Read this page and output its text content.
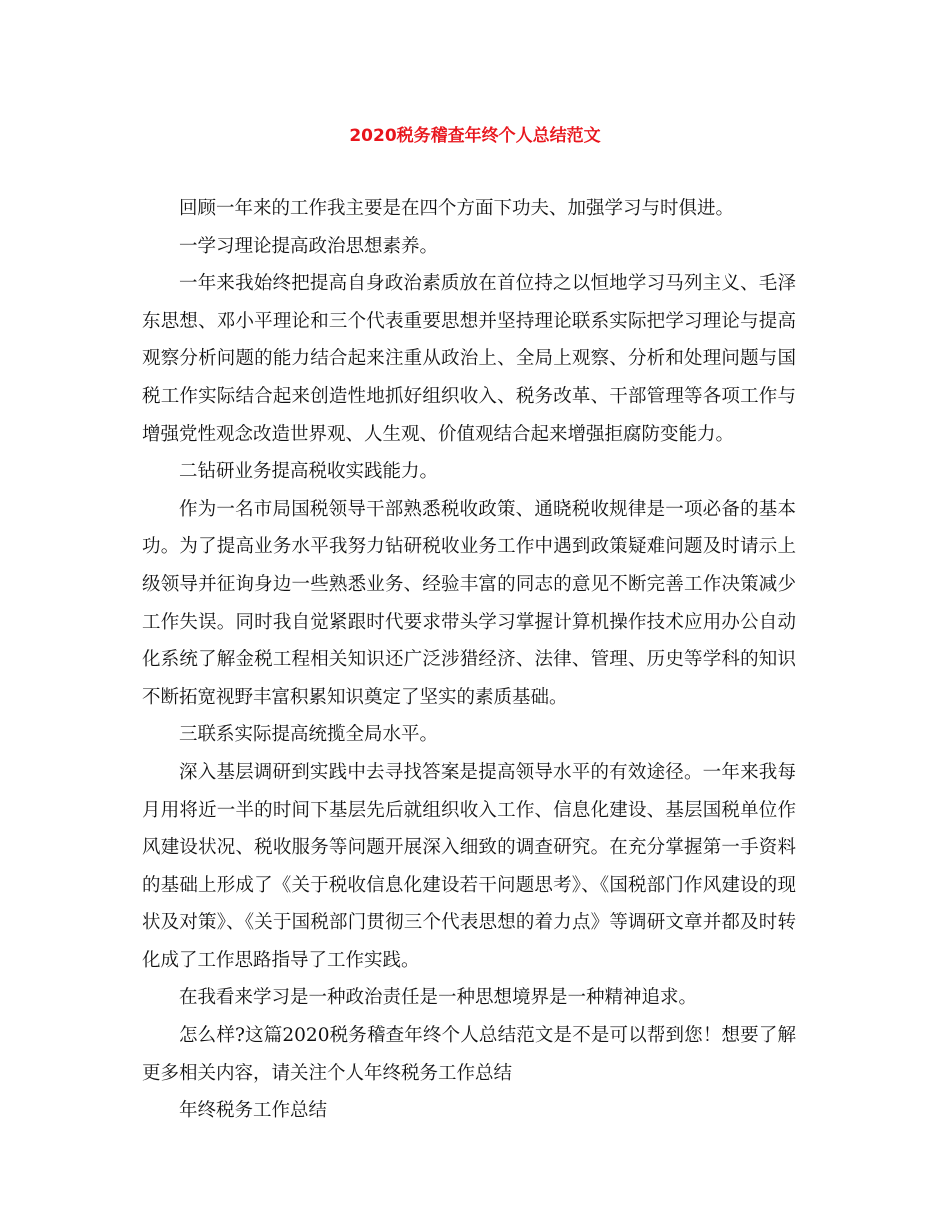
2020税务稽查年终个人总结范文

回顾一年来的工作我主要是在四个方面下功夫、加强学习与时俱进。

一学习理论提高政治思想素养。

一年来我始终把提高自身政治素质放在首位持之以恒地学习马列主义、毛泽东思想、邓小平理论和三个代表重要思想并坚持理论联系实际把学习理论与提高观察分析问题的能力结合起来注重从政治上、全局上观察、分析和处理问题与国税工作实际结合起来创造性地抓好组织收入、税务改革、干部管理等各项工作与增强党性观念改造世界观、人生观、价值观结合起来增强拒腐防变能力。

二钻研业务提高税收实践能力。

作为一名市局国税领导干部熟悉税收政策、通晓税收规律是一项必备的基本功。为了提高业务水平我努力钻研税收业务工作中遇到政策疑难问题及时请示上级领导并征询身边一些熟悉业务、经验丰富的同志的意见不断完善工作决策减少工作失误。同时我自觉紧跟时代要求带头学习掌握计算机操作技术应用办公自动化系统了解金税工程相关知识还广泛涉猎经济、法律、管理、历史等学科的知识不断拓宽视野丰富积累知识奠定了坚实的素质基础。

三联系实际提高统揽全局水平。

深入基层调研到实践中去寻找答案是提高领导水平的有效途径。一年来我每月用将近一半的时间下基层先后就组织收入工作、信息化建设、基层国税单位作风建设状况、税收服务等问题开展深入细致的调查研究。在充分掌握第一手资料的基础上形成了《关于税收信息化建设若干问题思考》、《国税部门作风建设的现状及对策》、《关于国税部门贯彻三个代表思想的着力点》等调研文章并都及时转化成了工作思路指导了工作实践。

在我看来学习是一种政治责任是一种思想境界是一种精神追求。

怎么样?这篇2020税务稽查年终个人总结范文是不是可以帮到您！想要了解更多相关内容，请关注个人年终税务工作总结

年终税务工作总结
